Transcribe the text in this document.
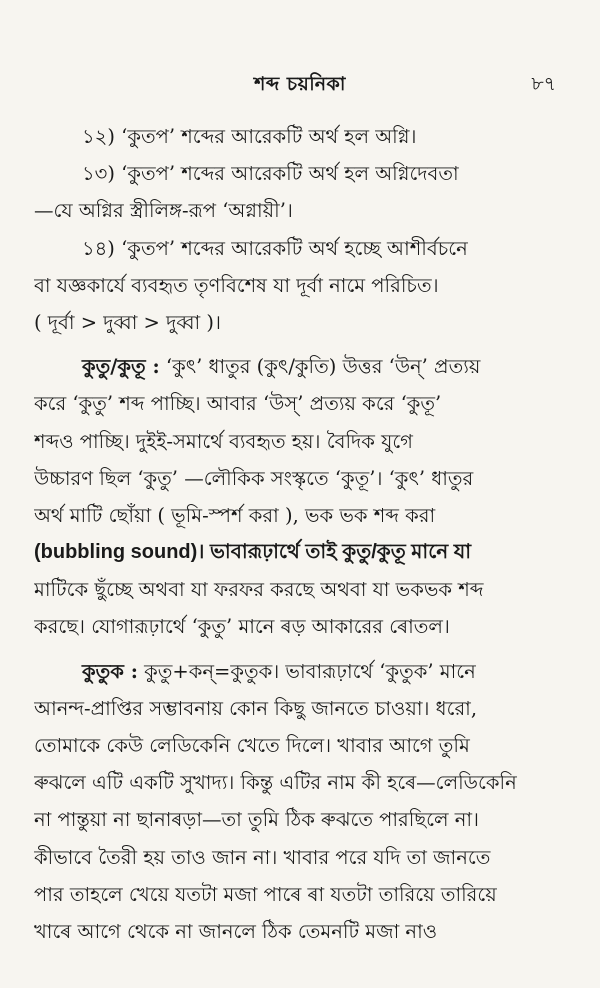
শব্দ চয়নিকা	৮৭
১২) ‘কুতপ’ শব্দের আরেকটি অর্থ হল অগ্নি।
১৩) ‘কুতপ’ শব্দের আরেকটি অর্থ হল অগ্নিদেবতা
—যে অগ্নির স্ত্রীলিঙ্গ-রূপ ‘অগ্নায়ী’।
১৪) ‘কুতপ’ শব্দের আরেকটি অর্থ হচ্ছে আশীর্বচনে
বা যজ্ঞকার্যে ব্যবহৃত তৃণবিশেষ যা দূর্বা নামে পরিচিত।
( দূর্বা > দুব্বা > দুব্বা )।
কুতু/কুতূ : ‘কুৎ’ ধাতুর (কুৎ/কুতি) উত্তর ‘উন্’ প্রত্যয়
করে ‘কুতু’ শব্দ পাচ্ছি। আবার ‘উস্’ প্রত্যয় করে ‘কুতূ’
শব্দও পাচ্ছি। দুইই-সমার্থে ব্যবহৃত হয়। বৈদিক যুগে
উচ্চারণ ছিল ‘কুতু’ —লৌকিক সংস্কৃতে ‘কুতূ’। ‘কুৎ’ ধাতুর
অর্থ মাটি ছোঁয়া ( ভূমি-স্পর্শ করা ), ভক ভক শব্দ করা
(bubbling sound)। ভাবারূঢ়ার্থে তাই কুতু/কুতূ মানে যা
মাটিকে ছুঁচ্ছে অথবা যা ফরফর করছে অথবা যা ভকভক শব্দ
করছে। যোগারূঢ়ার্থে ‘কুতু’ মানে ৰড় আকারের ৰোতল।
কুতুক : কুতু+কন্=কুতুক। ভাবারূঢ়ার্থে ‘কুতুক’ মানে
আনন্দ-প্রাপ্তির সম্ভাবনায় কোন কিছু জানতে চাওয়া। ধরো,
তোমাকে কেউ লেডিকেনি খেতে দিলে। খাবার আগে তুমি
ৰুঝলে এটি একটি সুখাদ্য। কিন্তু এটির নাম কী হৰে—লেডিকেনি
না পান্তুয়া না ছানাৰড়া—তা তুমি ঠিক ৰুঝতে পারছিলে না।
কীভাবে তৈরী হয় তাও জান না। খাবার পরে যদি তা জানতে
পার তাহলে খেয়ে যতটা মজা পাৰে ৰা যতটা তারিয়ে তারিয়ে
খাৰে আগে থেকে না জানলে ঠিক তেমনটি মজা নাও
